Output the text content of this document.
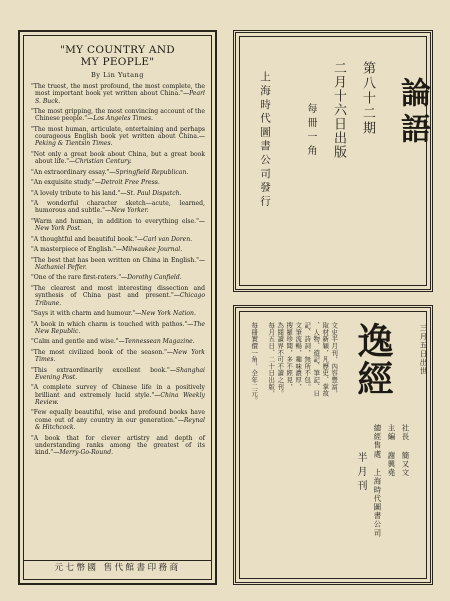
"MY COUNTRY AND
MY PEOPLE"
By Lin Yutang

"The truest, the most profound, the most complete, the most important book yet written about China."—Pearl S. Buck.

"The most gripping, the most convincing account of the Chinese people."—Los Angeles Times.

"The most human, articulate, entertaining and perhaps courageous English book yet written about China.—Peking & Tientsin Times.

"Not only a great book about China, but a great book about life."—Christian Century.

"An extraordinary essay."—Springfield Republican.

"An exquisite study."—Detroit Free Press.

"A lovely tribute to his land."—St. Paul Dispatch.

"A wonderful character sketch—acute, learned, humorous and subtle."—New Yorker.

"Warm and human, in addition to everything else."—New York Post.

"A thoughtful and beautiful book."—Carl van Doren.

"A masterpiece of English."—Milwaukee Journal.

"The best that has been written on China in English."—Nathaniel Peffer.

"One of the rare first-raters."—Dorothy Canfield.

"The clearest and most interesting dissection and synthesis of China past and present."—Chicago Tribune.

"Says it with charm and humour."—New York Nation.

"A book in which charm is touched with pathos."—The New Republic.

"Calm and gentle and wise."—Tennessean Magazine.

"The most civilized book of the season."—New York Times.

"This extraordinarily excellent book."—Shanghai Evening Post.

"A complete survey of Chinese life in a positively brilliant and extremely lucid style."—China Weekly Review.

"Few equally beautiful, wise and profound books have come out of any country in our generation."—Reynal & Hitchcock.

"A book that for clever artistry and depth of understanding ranks among the greatest of its kind."—Merry-Go-Round.

元七幣國 售代館書印務商
論語
第八十二期
二月十六日出版
每冊一角
上海時代圖書公司發行
逸經
半月刊
三月五日出世
社長 簡又文
主編 謝興堯
總經售處 上海時代圖書公司
文史半月刊，內容豐富，
取材新穎，凡歷史、掌故
、人物、遊記、筆記、日
記、詩詞，無所不包。
文筆流暢，趣味濃厚，
搜羅珍聞，多不經見，
為閱讀界不可不讀之刊。
每月五日、二十日出版，
每冊實價一角，全年二元。
